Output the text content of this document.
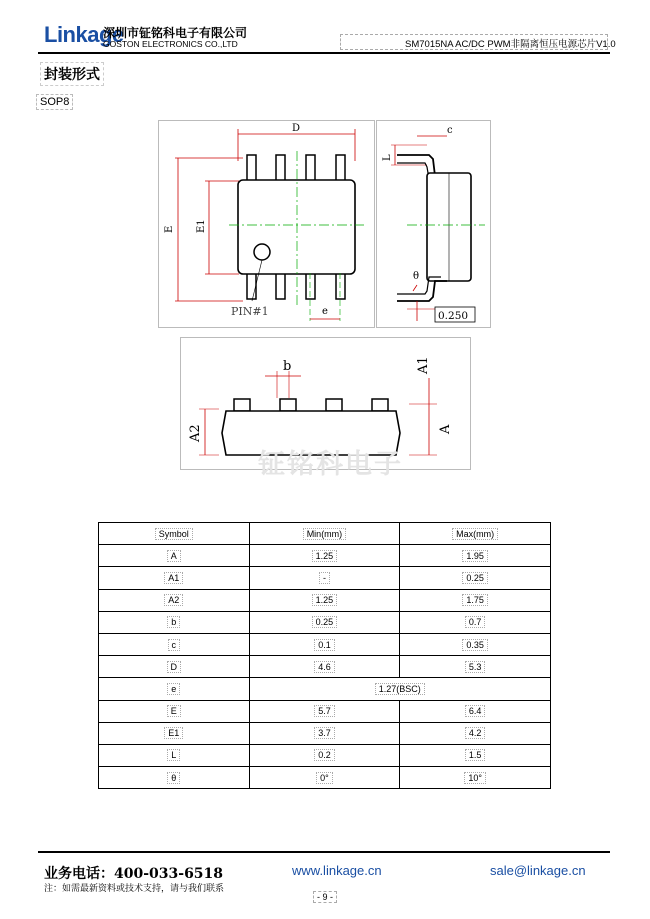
Linkage
深圳市钲铭科电子有限公司
GOSTON ELECTRONICS CO.,LTD	SM7015NA AC/DC PWM非隔离恒压电源芯片V1.0
封装形式
SOP8
D
E E1
e
PIN#1
c
L
θ
0.250
b	A1
A
A2
钲铭科电子
Symbol	Min(mm)	Max(mm)
A	1.25	1.95
A1	-	0.25
A2	1.25	1.75
b	0.25	0.7
c	0.1	0.35
D	4.6	5.3
e	1.27(BSC)	
E	5.7	6.4
E1	3.7	4.2
L	0.2	1.5
θ	0°	10°
业务电话：400-033-6518	www.linkage.cn	sale@linkage.cn
注：如需最新资料或技术支持，请与我们联系
- 9 -
